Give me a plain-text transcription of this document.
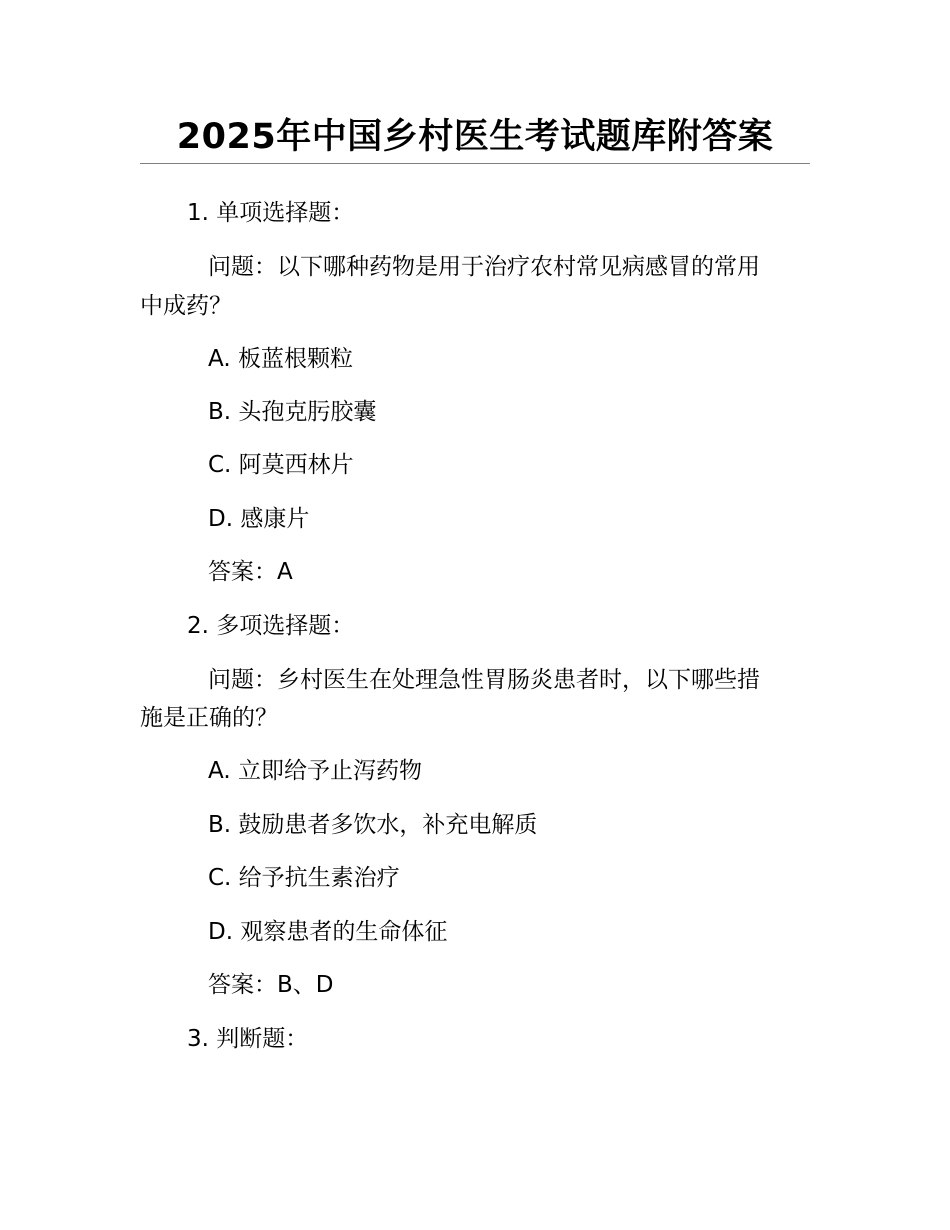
2025年中国乡村医生考试题库附答案
1. 单项选择题：
问题：以下哪种药物是用于治疗农村常见病感冒的常用
中成药？
A. 板蓝根颗粒
B. 头孢克肟胶囊
C. 阿莫西林片
D. 感康片
答案：A
2. 多项选择题：
问题：乡村医生在处理急性胃肠炎患者时，以下哪些措
施是正确的？
A. 立即给予止泻药物
B. 鼓励患者多饮水，补充电解质
C. 给予抗生素治疗
D. 观察患者的生命体征
答案：B、D
3. 判断题：
